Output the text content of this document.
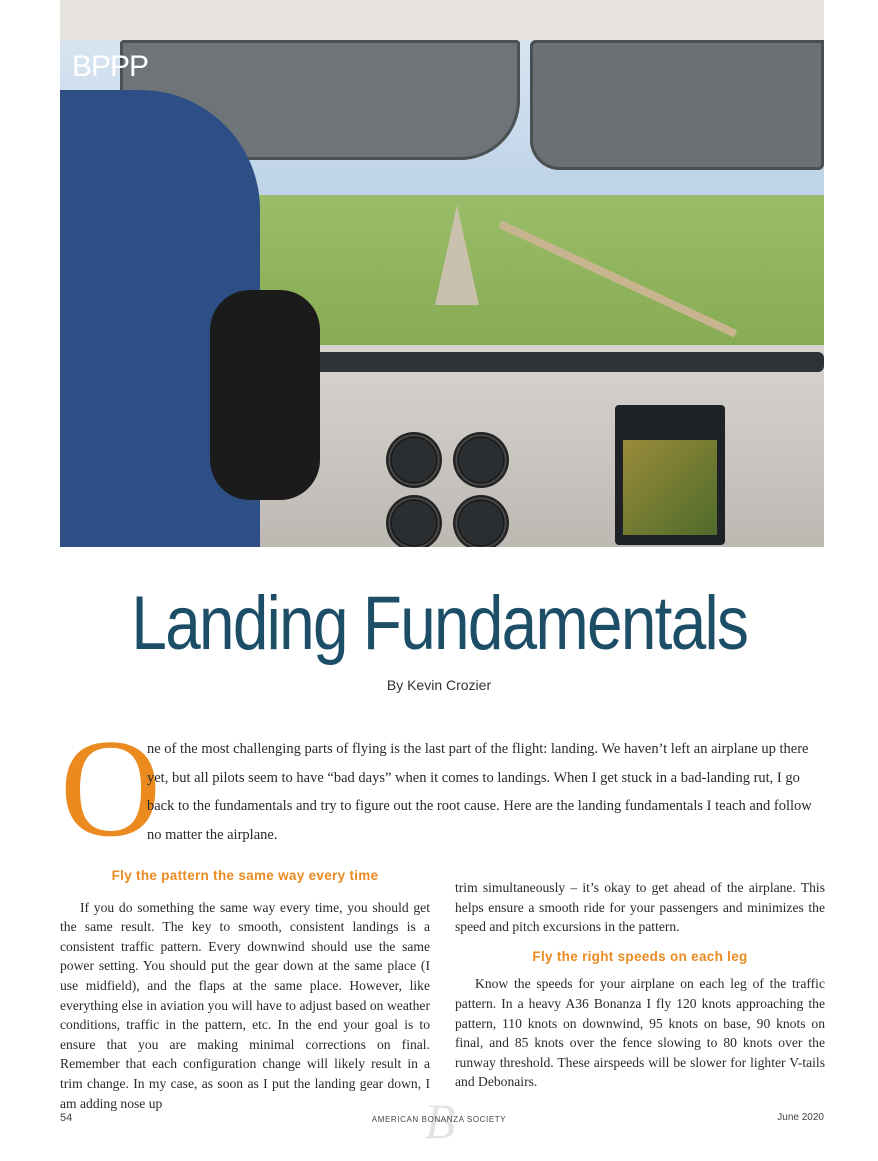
BPPP
Landing Fundamentals
By Kevin Crozier
O
ne of the most challenging parts of flying is the last part of the flight: landing. We haven’t left an airplane up there yet, but all pilots seem to have “bad days” when it comes to landings. When I get stuck in a bad-landing rut, I go back to the fundamentals and try to figure out the root cause. Here are the landing fundamentals I teach and follow no matter the airplane.
Fly the pattern the same way every time

If you do something the same way every time, you should get the same result. The key to smooth, consistent landings is a consistent traffic pattern. Every downwind should use the same power setting. You should put the gear down at the same place (I use midfield), and the flaps at the same place. However, like everything else in aviation you will have to adjust based on weather conditions, traffic in the pattern, etc. In the end your goal is to ensure that you are making minimal corrections on final. Remember that each configuration change will likely result in a trim change. In my case, as soon as I put the landing gear down, I am adding nose up

trim simultaneously – it’s okay to get ahead of the airplane. This helps ensure a smooth ride for your passengers and minimizes the speed and pitch excursions in the pattern.

Fly the right speeds on each leg

Know the speeds for your airplane on each leg of the traffic pattern. In a heavy A36 Bonanza I fly 120 knots approaching the pattern, 110 knots on downwind, 95 knots on base, 90 knots on final, and 85 knots over the fence slowing to 80 knots over the runway threshold. These airspeeds will be slower for lighter V-tails and Debonairs.

B
54	AMERICAN BONANZA SOCIETY	June 2020
